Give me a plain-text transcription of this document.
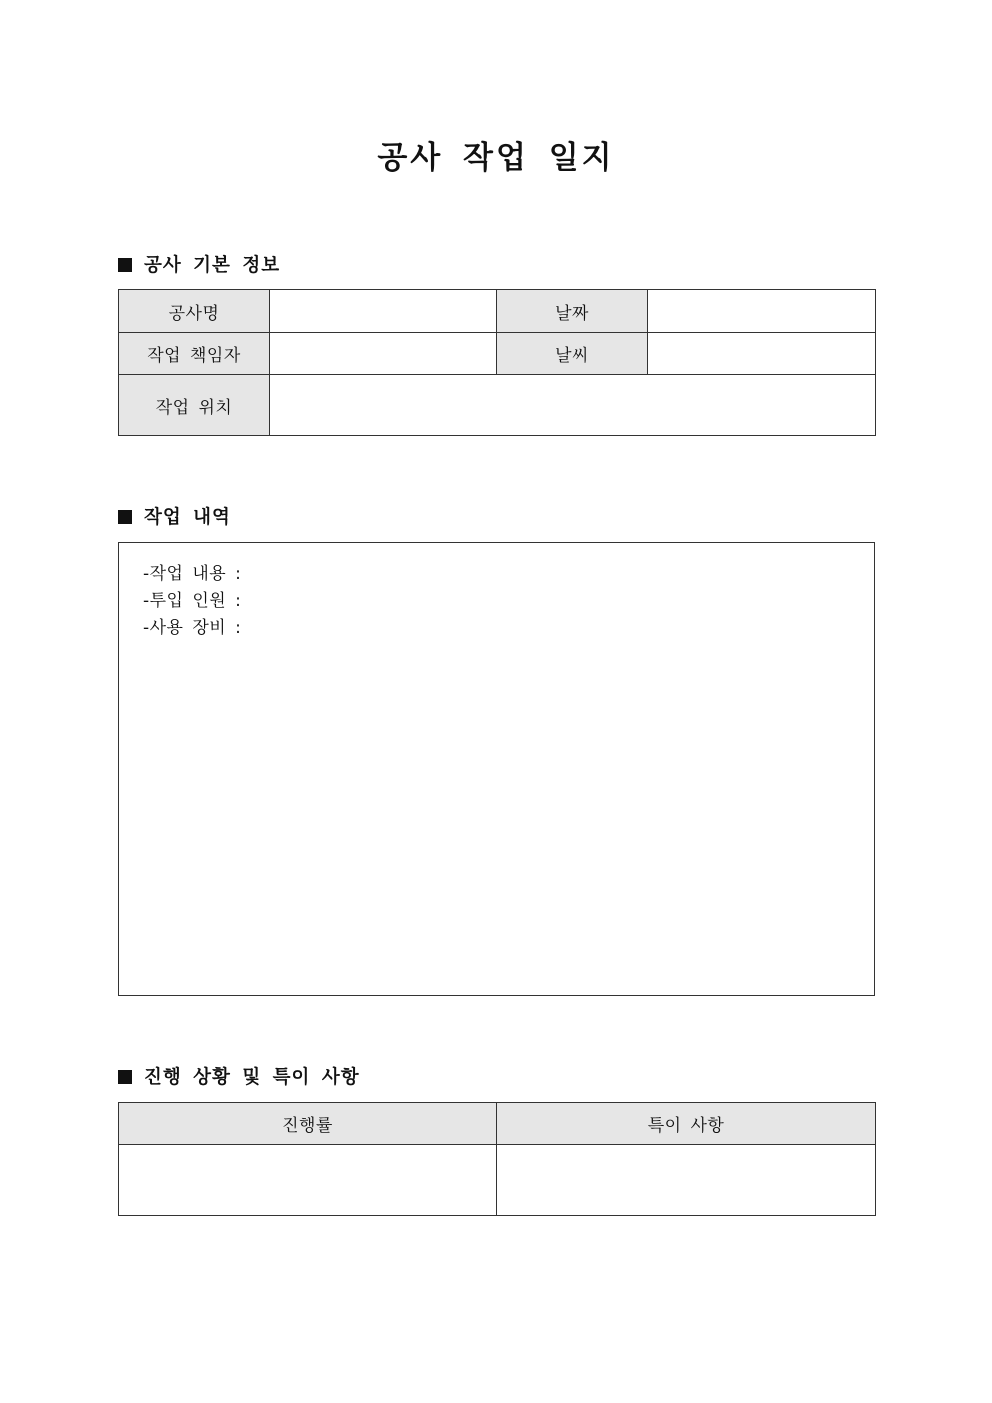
공사 작업 일지
공사 기본 정보
공사명		날짜	
작업 책임자		날씨	
작업 위치			
작업 내역
-작업 내용 :
-투입 인원 :
-사용 장비 :
진행 상황 및 특이 사항
진행률	특이 사항
